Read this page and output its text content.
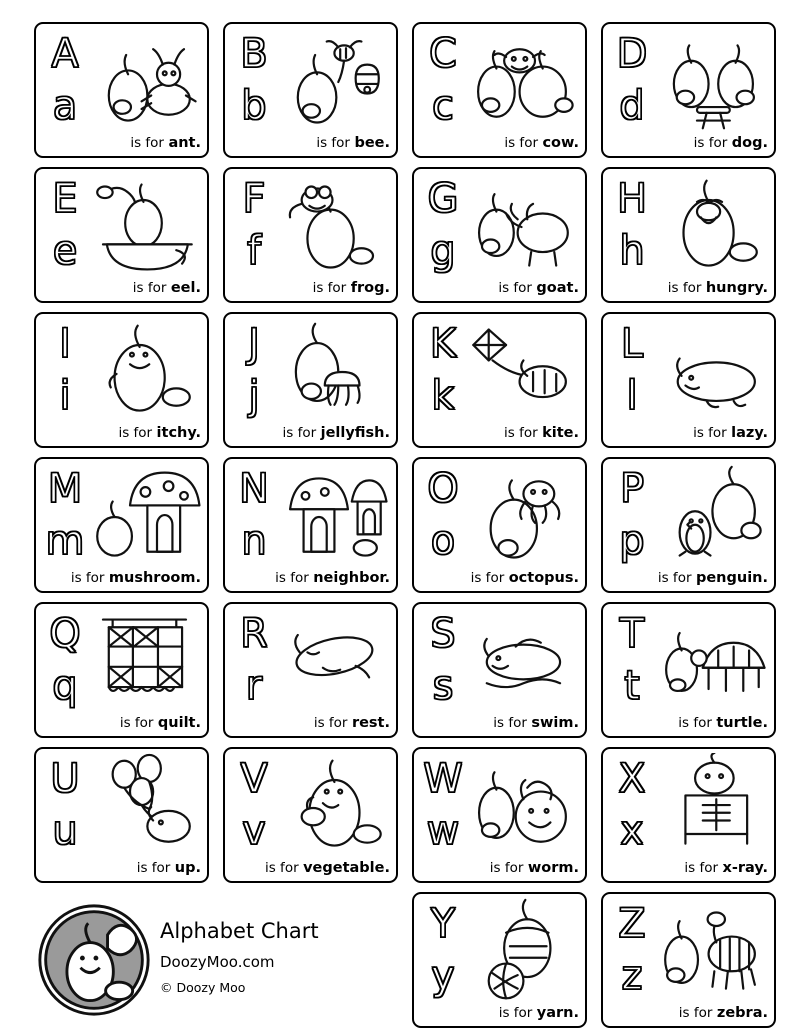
A
a
is for ant.
B
b
is for bee.
C
c
is for cow.
D
d
is for dog.
E
e
is for eel.
F
f
is for frog.
G
g
is for goat.
H
h
is for hungry.
I
i
is for itchy.
J
j
is for jellyfish.
K
k
is for kite.
L
l
is for lazy.
M
m
is for mushroom.
N
n
is for neighbor.
O
o
is for octopus.
P
p
is for penguin.
Q
q
is for quilt.
R
r
is for rest.
S
s
is for swim.
T
t
is for turtle.
U
u
is for up.
V
v
is for vegetable.
W
w
is for worm.
X
x
is for x-ray.
Alphabet Chart
DoozyMoo.com
© Doozy Moo
Y
y
is for yarn.
Z
z
is for zebra.
